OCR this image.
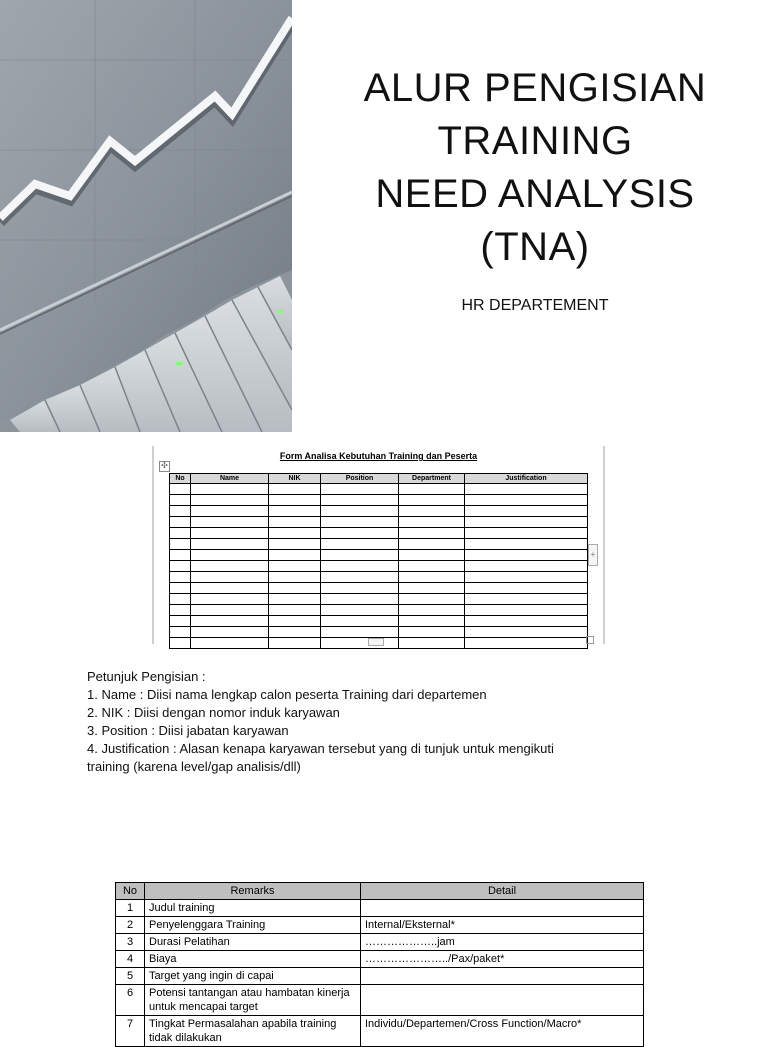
ALUR PENGISIAN
TRAINING
NEED ANALYSIS
(TNA)
HR DEPARTEMENT
Form Analisa Kebutuhan Training dan Peserta
✣
No	Name	NIK	Position	Department	Justification

+
Petunjuk Pengisian :
1. Name : Diisi nama lengkap calon peserta Training dari departemen
2. NIK : Diisi dengan nomor induk karyawan
3. Position : Diisi jabatan karyawan
4. Justification : Alasan kenapa karyawan tersebut yang di tunjuk untuk mengikuti
training (karena level/gap analisis/dll)
No	Remarks	Detail
1	Judul training	
2	Penyelenggara Training	Internal/Eksternal*
3	Durasi Pelatihan	………………..jam
4	Biaya	…………………../Pax/paket*
5	Target yang ingin di capai	
6	Potensi tantangan atau hambatan kinerja untuk mencapai target	
7	Tingkat Permasalahan apabila training tidak dilakukan	Individu/Departemen/Cross Function/Macro*
